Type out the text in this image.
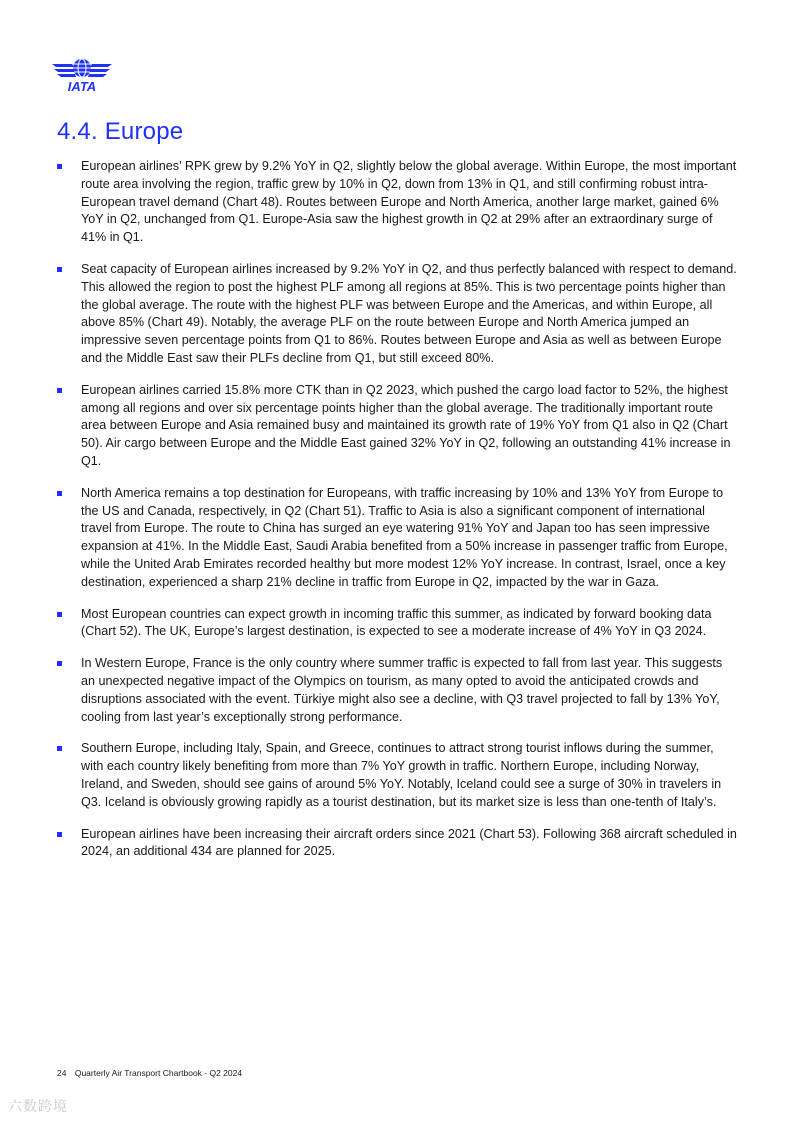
IATA
4.4. Europe
European airlines’ RPK grew by 9.2% YoY in Q2, slightly below the global average. Within Europe, the most important route area involving the region, traffic grew by 10% in Q2, down from 13% in Q1, and still confirming robust intra-European travel demand (Chart 48). Routes between Europe and North America, another large market, gained 6% YoY in Q2, unchanged from Q1. Europe-Asia saw the highest growth in Q2 at 29% after an extraordinary surge of 41% in Q1.
Seat capacity of European airlines increased by 9.2% YoY in Q2, and thus perfectly balanced with respect to demand. This allowed the region to post the highest PLF among all regions at 85%. This is two percentage points higher than the global average. The route with the highest PLF was between Europe and the Americas, and within Europe, all above 85% (Chart 49). Notably, the average PLF on the route between Europe and North America jumped an impressive seven percentage points from Q1 to 86%. Routes between Europe and Asia as well as between Europe and the Middle East saw their PLFs decline from Q1, but still exceed 80%.
European airlines carried 15.8% more CTK than in Q2 2023, which pushed the cargo load factor to 52%, the highest among all regions and over six percentage points higher than the global average. The traditionally important route area between Europe and Asia remained busy and maintained its growth rate of 19% YoY from Q1 also in Q2 (Chart 50). Air cargo between Europe and the Middle East gained 32% YoY in Q2, following an outstanding 41% increase in Q1.
North America remains a top destination for Europeans, with traffic increasing by 10% and 13% YoY from Europe to the US and Canada, respectively, in Q2 (Chart 51). Traffic to Asia is also a significant component of international travel from Europe. The route to China has surged an eye watering 91% YoY and Japan too has seen impressive expansion at 41%. In the Middle East, Saudi Arabia benefited from a 50% increase in passenger traffic from Europe, while the United Arab Emirates recorded healthy but more modest 12% YoY increase. In contrast, Israel, once a key destination, experienced a sharp 21% decline in traffic from Europe in Q2, impacted by the war in Gaza.
Most European countries can expect growth in incoming traffic this summer, as indicated by forward booking data (Chart 52). The UK, Europe’s largest destination, is expected to see a moderate increase of 4% YoY in Q3 2024.
In Western Europe, France is the only country where summer traffic is expected to fall from last year. This suggests an unexpected negative impact of the Olympics on tourism, as many opted to avoid the anticipated crowds and disruptions associated with the event. Türkiye might also see a decline, with Q3 travel projected to fall by 13% YoY, cooling from last year’s exceptionally strong performance.
Southern Europe, including Italy, Spain, and Greece, continues to attract strong tourist inflows during the summer, with each country likely benefiting from more than 7% YoY growth in traffic. Northern Europe, including Norway, Ireland, and Sweden, should see gains of around 5% YoY. Notably, Iceland could see a surge of 30% in travelers in Q3. Iceland is obviously growing rapidly as a tourist destination, but its market size is less than one-tenth of Italy’s.
European airlines have been increasing their aircraft orders since 2021 (Chart 53). Following 368 aircraft scheduled in 2024, an additional 434 are planned for 2025.
24 Quarterly Air Transport Chartbook - Q2 2024
六数跨境
